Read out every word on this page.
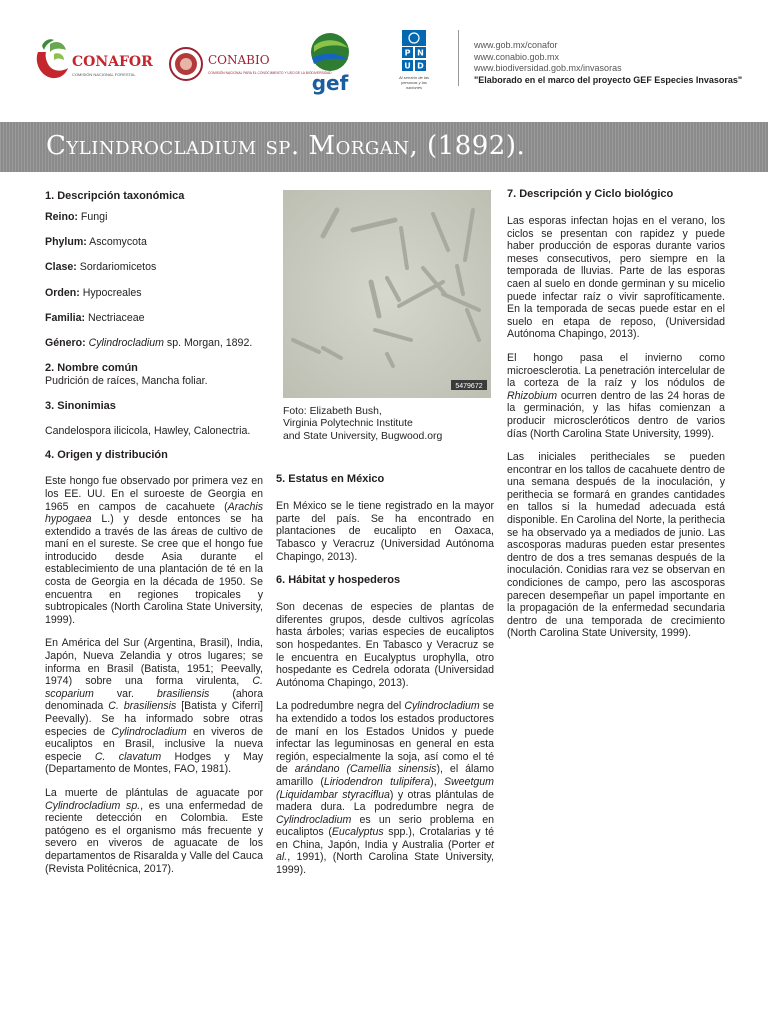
CONAFOR
COMISIÓN NACIONAL FORESTAL
CONABIO
COMISIÓN NACIONAL PARA EL CONOCIMIENTO Y USO DE LA BIODIVERSIDAD
gef
P N
U D
Al servicio de las personas y las naciones
www.gob.mx/conafor
www.conabio.gob.mx
www.biodiversidad.gob.mx/invasoras
"Elaborado en el marco del proyecto GEF Especies Invasoras"
Cylindrocladium sp. Morgan, (1892).
1. Descripción taxonómica
Reino: Fungi
Phylum: Ascomycota
Clase: Sordariomicetos
Orden: Hypocreales
Familia: Nectriaceae
Género: Cylindrocladium sp. Morgan, 1892.
2. Nombre común

Pudrición de raíces, Mancha foliar.

3. Sinonimias

Candelospora ilicicola, Hawley, Calonectria.

4. Origen y distribución

Este hongo fue observado por primera vez en los EE. UU. En el suroeste de Georgia en 1965 en campos de cacahuete (Arachis hypogaea L.) y desde entonces se ha extendido a través de las áreas de cultivo de maní en el sureste. Se cree que el hongo fue introducido desde Asia durante el establecimiento de una plantación de té en la costa de Georgia en la década de 1950. Se encuentra en regiones tropicales y subtropicales (North Carolina State University, 1999).

En América del Sur (Argentina, Brasil), India, Japón, Nueva Zelandia y otros lugares; se informa en Brasil (Batista, 1951; Peevally, 1974) sobre una forma virulenta, C. scoparium var. brasiliensis (ahora denominada C. brasiliensis [Batista y Ciferri] Peevally). Se ha informado sobre otras especies de Cylindrocladium en viveros de eucaliptos en Brasil, inclusive la nueva especie C. clavatum Hodges y May (Departamento de Montes, FAO, 1981).

La muerte de plántulas de aguacate por Cylindrocladium sp., es una enfermedad de reciente detección en Colombia. Este patógeno es el organismo más frecuente y severo en viveros de aguacate de los departamentos de Risaralda y Valle del Cauca (Revista Politécnica, 2017).

5479672
Foto: Elizabeth Bush,
Virginia Polytechnic Institute
and State University, Bugwood.org
5. Estatus en México

En México se le tiene registrado en la mayor parte del país. Se ha encontrado en plantaciones de eucalipto en Oaxaca, Tabasco y Veracruz (Universidad Autónoma Chapingo, 2013).

6. Hábitat y hospederos

Son decenas de especies de plantas de diferentes grupos, desde cultivos agrícolas hasta árboles; varias especies de eucaliptos son hospedantes. En Tabasco y Veracruz se le encuentra en Eucalyptus urophylla, otro hospedante es Cedrela odorata (Universidad Autónoma Chapingo, 2013).

La podredumbre negra del Cylindrocladium se ha extendido a todos los estados productores de maní en los Estados Unidos y puede infectar las leguminosas en general en esta región, especialmente la soja, así como el té de arándano (Camellia sinensis), el álamo amarillo (Liriodendron tulipifera), Sweetgum (Liquidambar styraciflua) y otras plántulas de madera dura. La podredumbre negra de Cylindrocladium es un serio problema en eucaliptos (Eucalyptus spp.), Crotalarias y té en China, Japón, India y Australia (Porter et al., 1991), (North Carolina State University, 1999).

7. Descripción y Ciclo biológico

Las esporas infectan hojas en el verano, los ciclos se presentan con rapidez y puede haber producción de esporas durante varios meses consecutivos, pero siempre en la temporada de lluvias. Parte de las esporas caen al suelo en donde germinan y su micelio puede infectar raíz o vivir saprofíticamente. En la temporada de secas puede estar en el suelo en etapa de reposo, (Universidad Autónoma Chapingo, 2013).

El hongo pasa el invierno como microesclerotia. La penetración intercelular de la corteza de la raíz y los nódulos de Rhizobium ocurren dentro de las 24 horas de la germinación, y las hifas comienzan a producir microscleróticos dentro de varios días (North Carolina State University, 1999).

Las iniciales peritheciales se pueden encontrar en los tallos de cacahuete dentro de una semana después de la inoculación, y perithecia se formará en grandes cantidades en tallos si la humedad adecuada está disponible. En Carolina del Norte, la perithecia se ha observado ya a mediados de junio. Las ascosporas maduras pueden estar presentes dentro de dos a tres semanas después de la inoculación. Conidias rara vez se observan en condiciones de campo, pero las ascosporas parecen desempeñar un papel importante en la propagación de la enfermedad secundaria dentro de una temporada de crecimiento (North Carolina State University, 1999).
